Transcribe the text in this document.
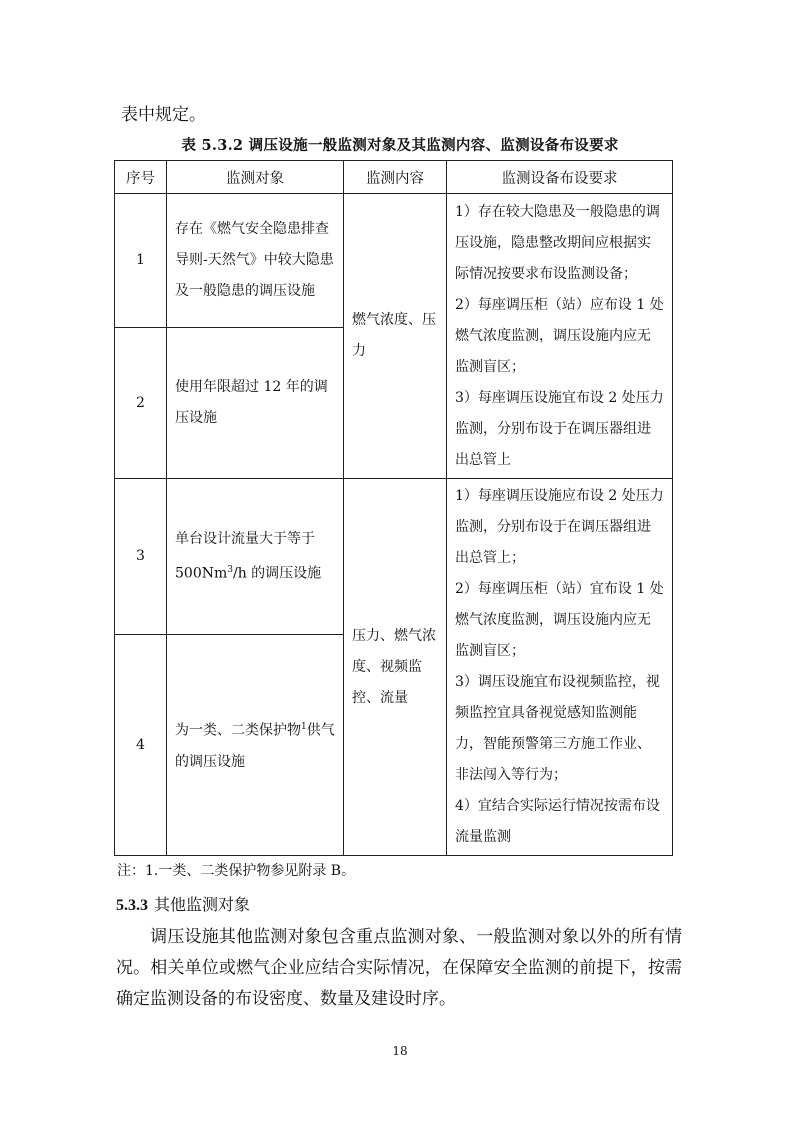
表中规定。
表 5.3.2 调压设施一般监测对象及其监测内容、监测设备布设要求
序号	监测对象	监测内容	监测设备布设要求
1	存在《燃气安全隐患排查导则-天然气》中较大隐患及一般隐患的调压设施	燃气浓度、压力	1）存在较大隐患及一般隐患的调压设施，隐患整改期间应根据实际情况按要求布设监测设备；
2）每座调压柜（站）应布设 1 处燃气浓度监测，调压设施内应无监测盲区；
3）每座调压设施宜布设 2 处压力监测，分别布设于在调压器组进出总管上

2	使用年限超过 12 年的调压设施		
3	单台设计流量大于等于 500Nm$^3$/h 的调压设施	压力、燃气浓度、视频监控、流量	1）每座调压设施应布设 2 处压力监测，分别布设于在调压器组进出总管上；
2）每座调压柜（站）宜布设 1 处燃气浓度监测，调压设施内应无监测盲区；
3）调压设施宜布设视频监控，视频监控宜具备视觉感知监测能力，智能预警第三方施工作业、非法闯入等行为；
4）宜结合实际运行情况按需布设流量监测

4	为一类、二类保护物$^1$供气的调压设施		
注：1.一类、二类保护物参见附录 B。
5.3.3 其他监测对象
调压设施其他监测对象包含重点监测对象、一般监测对象以外的所有情况。相关单位或燃气企业应结合实际情况，在保障安全监测的前提下，按需确定监测设备的布设密度、数量及建设时序。
18
